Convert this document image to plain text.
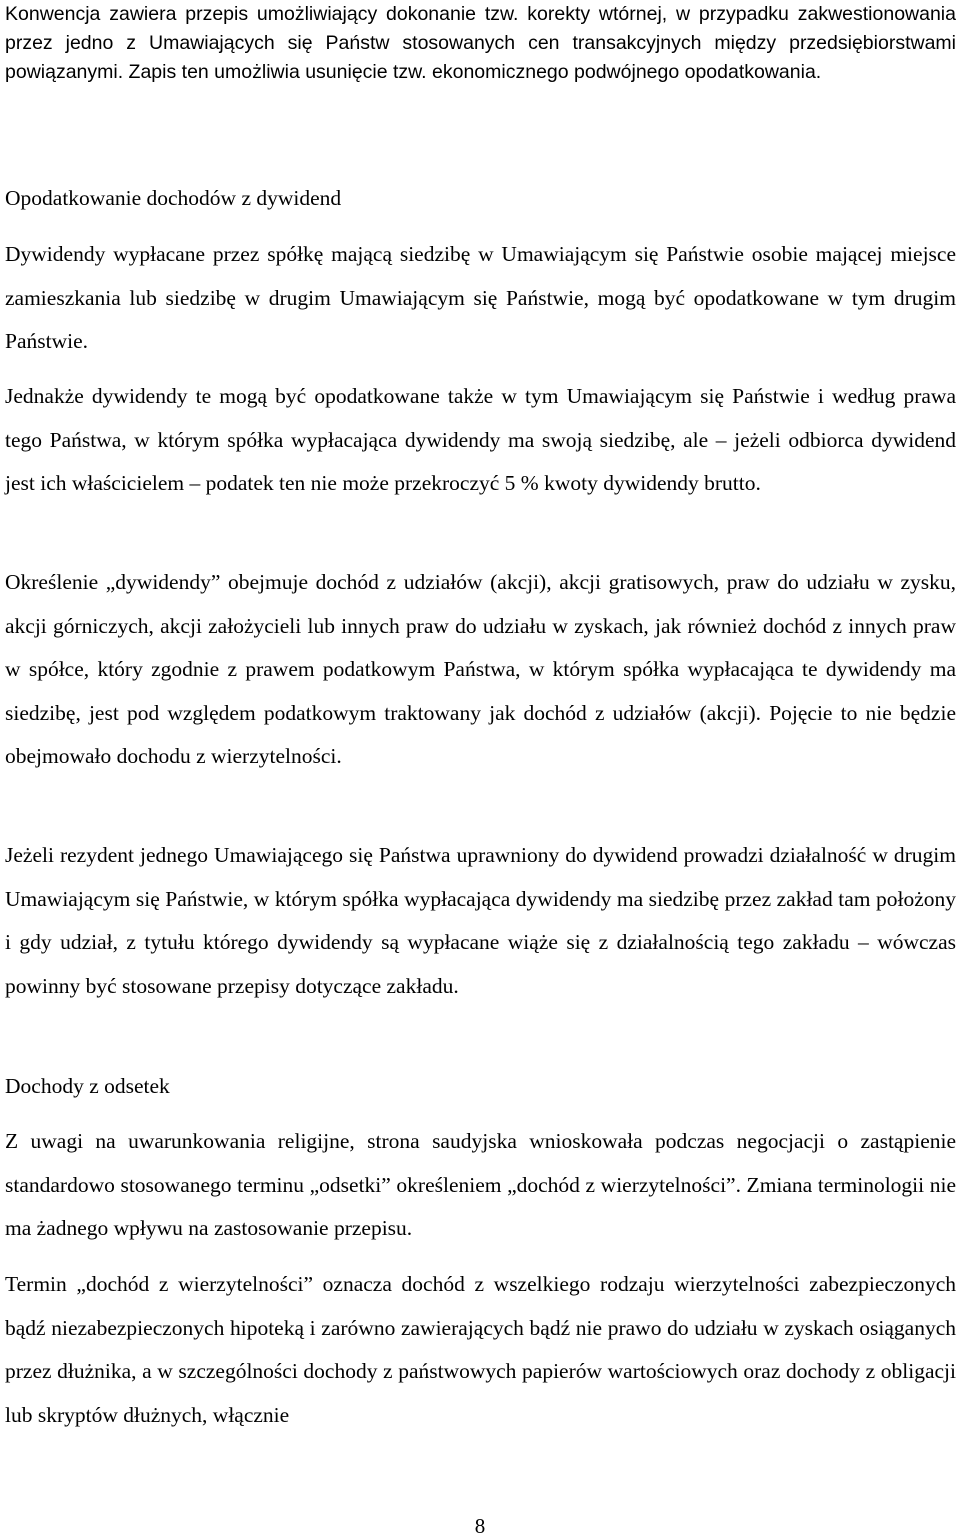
Konwencja zawiera przepis umożliwiający dokonanie tzw. korekty wtórnej, w przypadku zakwestionowania przez jedno z Umawiających się Państw stosowanych cen transakcyjnych między przedsiębiorstwami powiązanymi. Zapis ten umożliwia usunięcie tzw. ekonomicznego podwójnego opodatkowania.

Opodatkowanie dochodów z dywidend

Dywidendy wypłacane przez spółkę mającą siedzibę w Umawiającym się Państwie osobie mającej miejsce zamieszkania lub siedzibę w drugim Umawiającym się Państwie, mogą być opodatkowane w tym drugim Państwie.

Jednakże dywidendy te mogą być opodatkowane także w tym Umawiającym się Państwie i według prawa tego Państwa, w którym spółka wypłacająca dywidendy ma swoją siedzibę, ale – jeżeli odbiorca dywidend jest ich właścicielem – podatek ten nie może przekroczyć 5 % kwoty dywidendy brutto.

Określenie „dywidendy” obejmuje dochód z udziałów (akcji), akcji gratisowych, praw do udziału w zysku, akcji górniczych, akcji założycieli lub innych praw do udziału w zyskach, jak również dochód z innych praw w spółce, który zgodnie z prawem podatkowym Państwa, w którym spółka wypłacająca te dywidendy ma siedzibę, jest pod względem podatkowym traktowany jak dochód z udziałów (akcji). Pojęcie to nie będzie obejmowało dochodu z wierzytelności.

Jeżeli rezydent jednego Umawiającego się Państwa uprawniony do dywidend prowadzi działalność w drugim Umawiającym się Państwie, w którym spółka wypłacająca dywidendy ma siedzibę przez zakład tam położony i gdy udział, z tytułu którego dywidendy są wypłacane wiąże się z działalnością tego zakładu – wówczas powinny być stosowane przepisy dotyczące zakładu.

Dochody z odsetek

Z uwagi na uwarunkowania religijne, strona saudyjska wnioskowała podczas negocjacji o zastąpienie standardowo stosowanego terminu „odsetki” określeniem „dochód z wierzytelności”. Zmiana terminologii nie ma żadnego wpływu na zastosowanie przepisu.

Termin „dochód z wierzytelności” oznacza dochód z wszelkiego rodzaju wierzytelności zabezpieczonych bądź niezabezpieczonych hipoteką i zarówno zawierających bądź nie prawo do udziału w zyskach osiąganych przez dłużnika, a w szczególności dochody z państwowych papierów wartościowych oraz dochody z obligacji lub skryptów dłużnych, włącznie

8
